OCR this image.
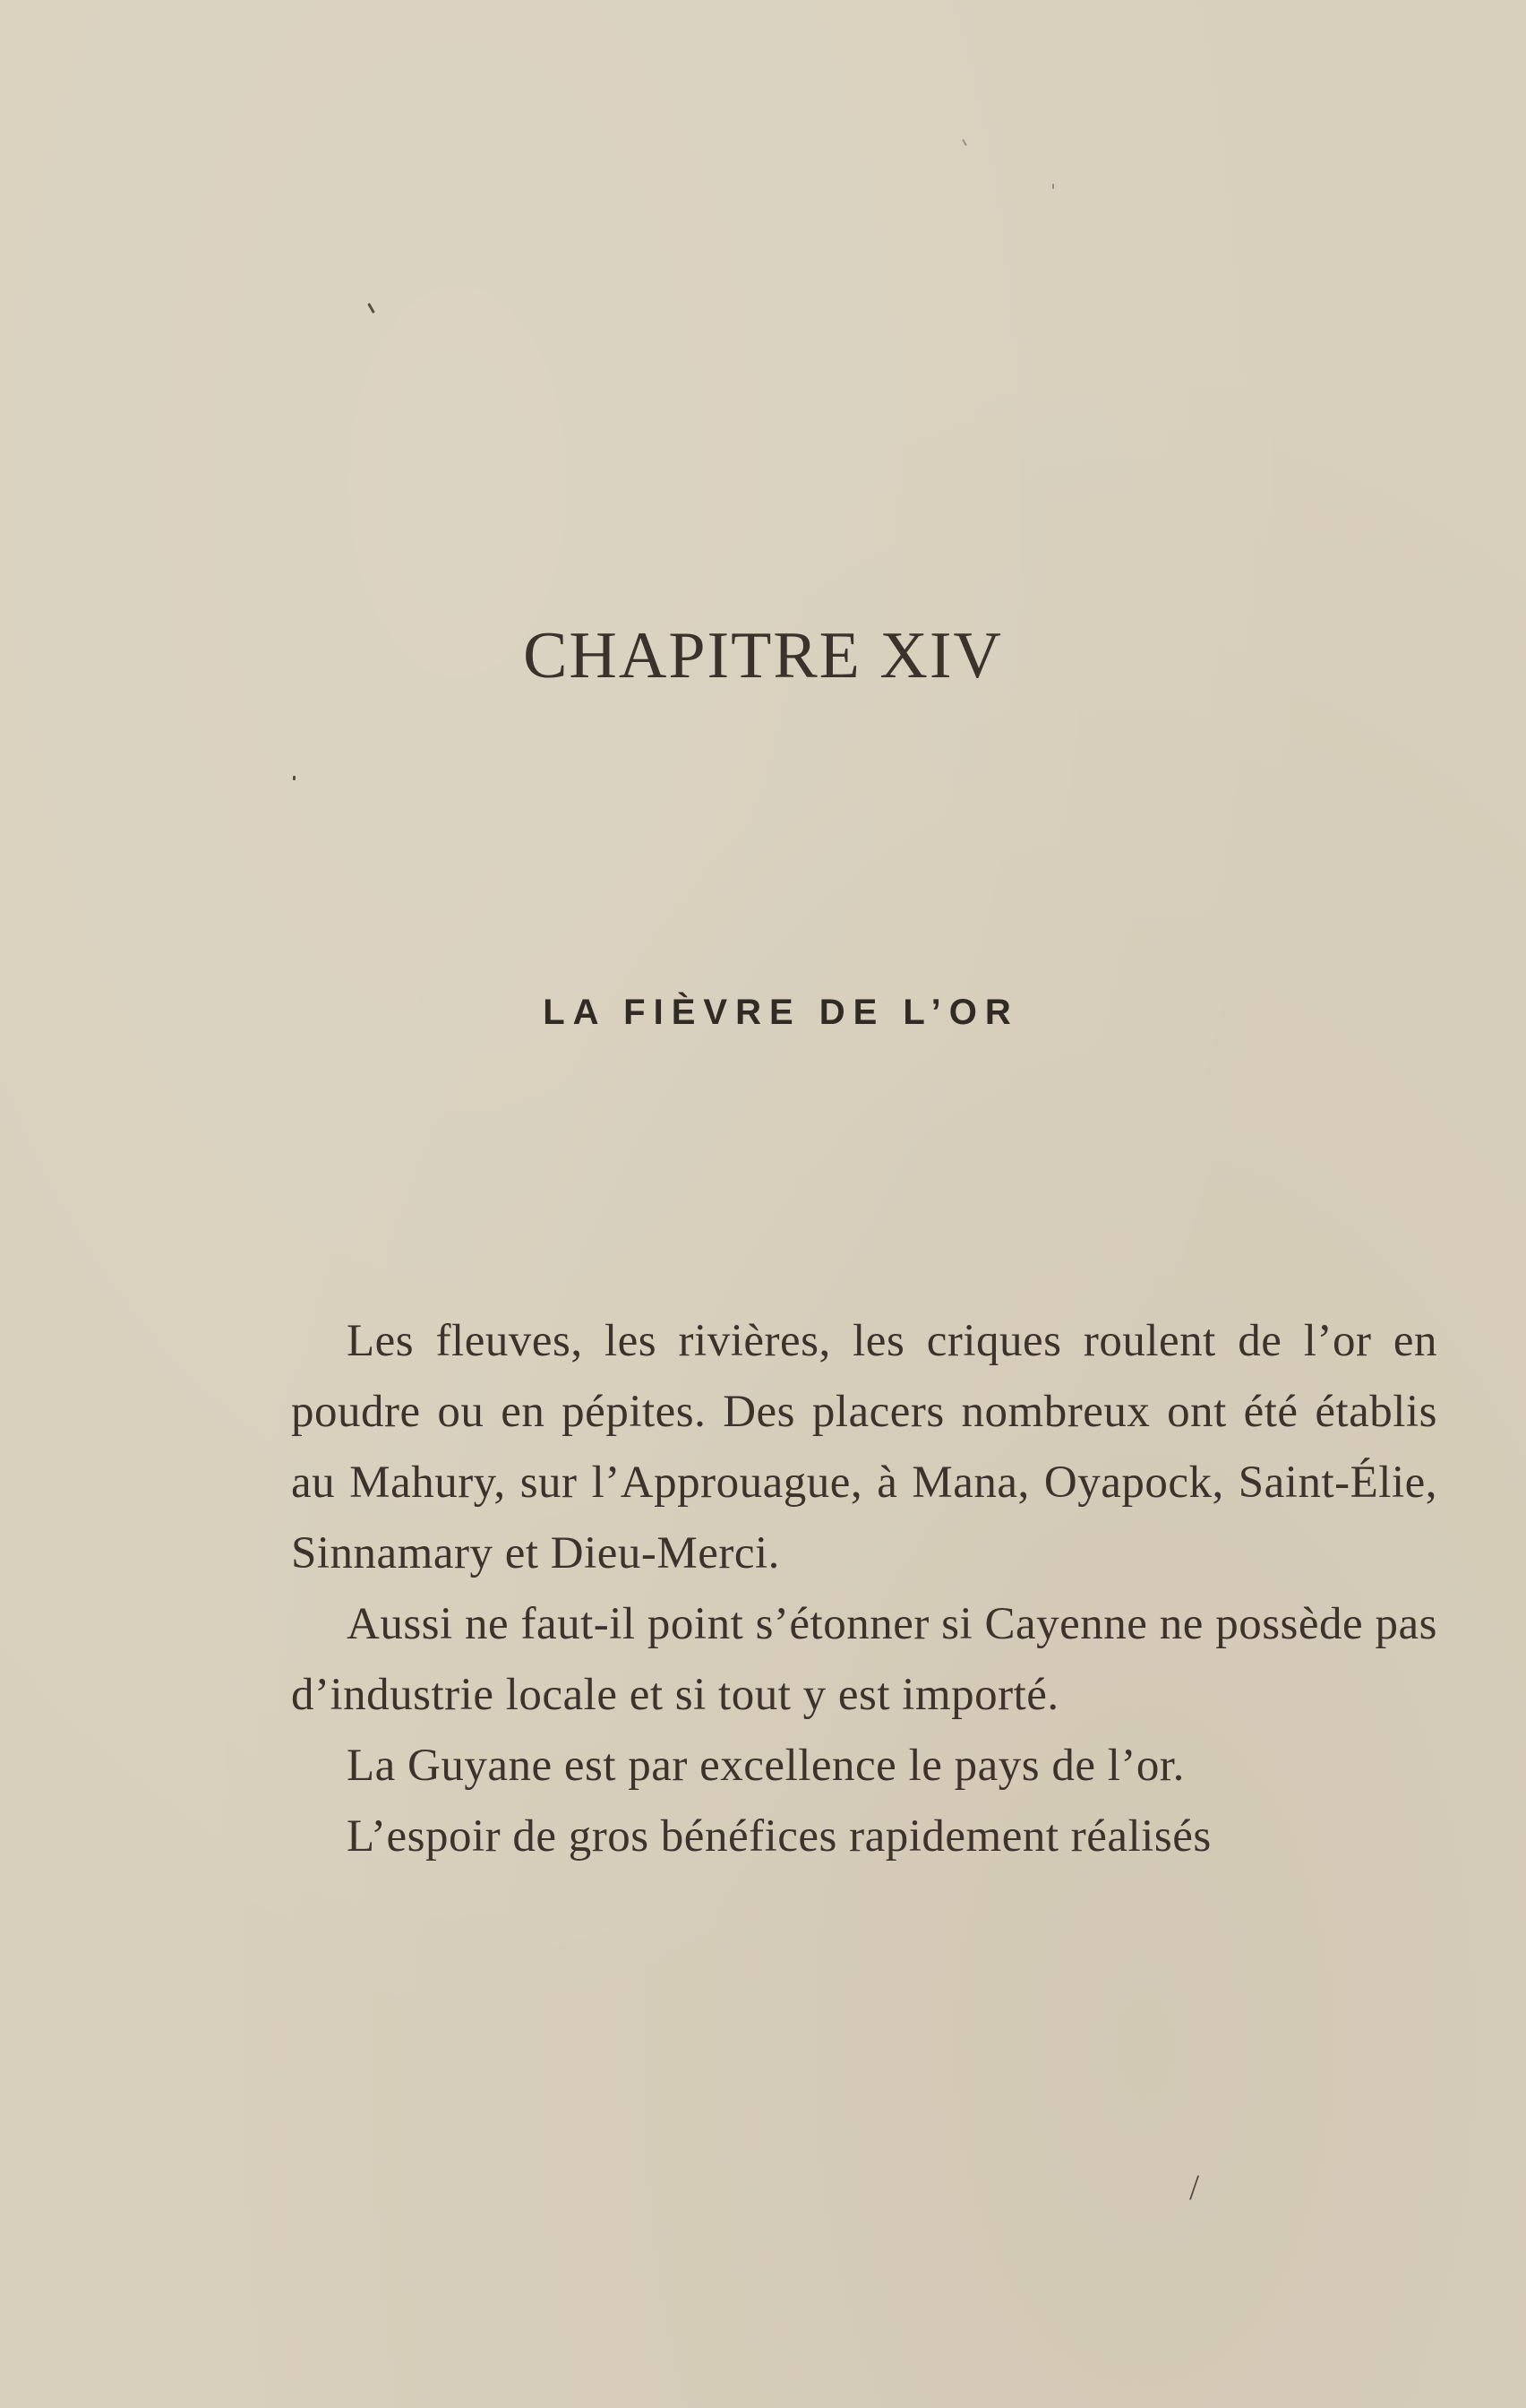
CHAPITRE XIV
LA FIÈVRE DE L’OR

Les fleuves, les rivières, les criques roulent de l’or en poudre ou en pépites. Des placers nombreux ont été établis au Mahury, sur l’Approuague, à Mana, Oyapock, Saint-Élie, Sinnamary et Dieu-Merci.

Aussi ne faut-il point s’étonner si Cayenne ne possède pas d’industrie locale et si tout y est importé.

La Guyane est par excellence le pays de l’or.

L’espoir de gros bénéfices rapidement réalisés

/
